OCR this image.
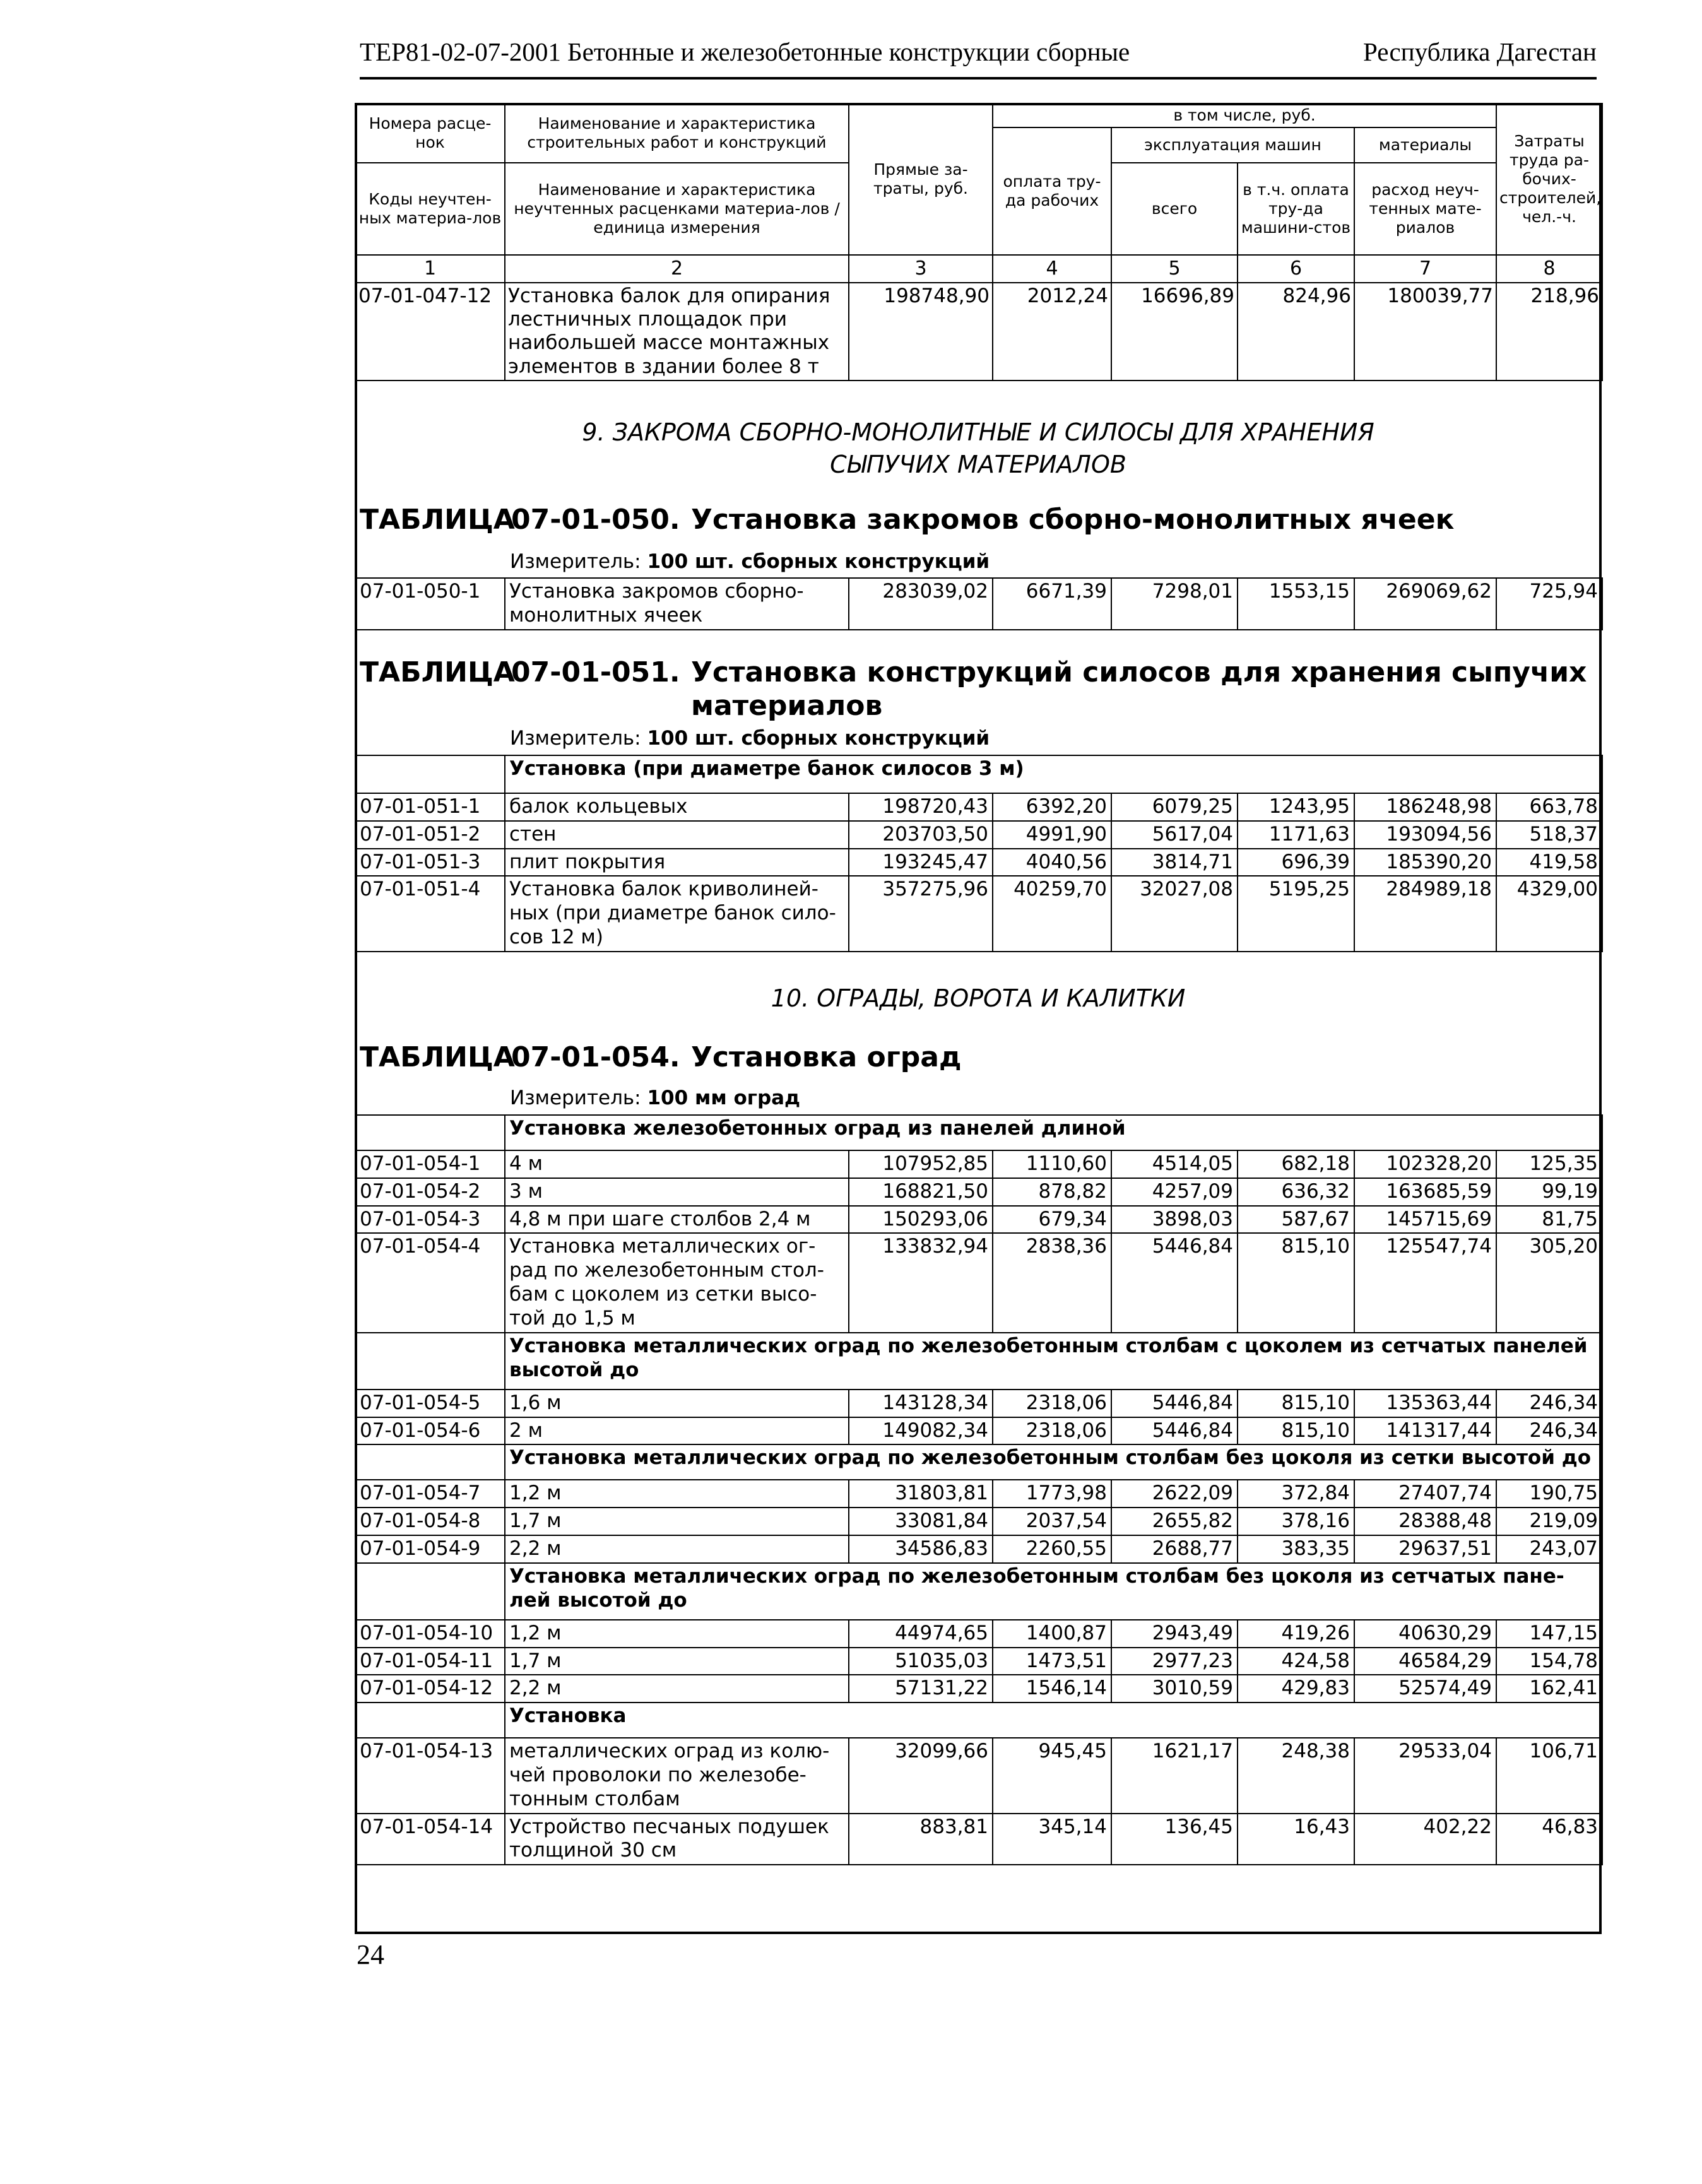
ТЕР81-02-07-2001 Бетонные и железобетонные конструкции сборные	Республика Дагестан
Номера расце-нок	Наименование и характеристика строительных работ и конструкций	Прямые за-траты, руб.	в том числе, руб.				Затраты труда ра-бочих-строителей, чел.-ч.
			оплата тру-да рабочих	эксплуатация машин		материалы	
Коды неучтен-ных материа-лов	Наименование и характеристика неучтенных расценками материа-лов / единица измерения			всего	в т.ч. оплата тру-да машини-стов	расход неуч-тенных мате-риалов	

1	2	3	4	5	6	7	8
07-01-047-12	Установка балок для опирания лестничных площадок при наибольшей массе монтажных элементов в здании более 8 т	198748,90	2012,24	16696,89	824,96	180039,77	218,96
9. ЗАКРОМА СБОРНО-МОНОЛИТНЫЕ И СИЛОСЫ ДЛЯ ХРАНЕНИЯ
СЫПУЧИХ МАТЕРИАЛОВ
ТАБЛИЦА
07-01-050. Установка закромов сборно-монолитных ячеек
Измеритель: 100 шт. сборных конструкций
07-01-050-1	Установка закромов сборно-монолитных ячеек	283039,02	6671,39	7298,01	1553,15	269069,62	725,94
ТАБЛИЦА
07-01-051. Установка конструкций силосов для хранения сыпучих материалов
Измеритель: 100 шт. сборных конструкций
	Установка (при диаметре банок силосов 3 м)						
07-01-051-1	балок кольцевых	198720,43	6392,20	6079,25	1243,95	186248,98	663,78
07-01-051-2	стен	203703,50	4991,90	5617,04	1171,63	193094,56	518,37
07-01-051-3	плит покрытия	193245,47	4040,56	3814,71	696,39	185390,20	419,58
07-01-051-4	Установка балок криволиней-ных (при диаметре банок сило-сов 12 м)	357275,96	40259,70	32027,08	5195,25	284989,18	4329,00
10. ОГРАДЫ, ВОРОТА И КАЛИТКИ
ТАБЛИЦА
07-01-054. Установка оград
Измеритель: 100 мм оград
	Установка железобетонных оград из панелей длиной						
07-01-054-1	4 м	107952,85	1110,60	4514,05	682,18	102328,20	125,35
07-01-054-2	3 м	168821,50	878,82	4257,09	636,32	163685,59	99,19
07-01-054-3	4,8 м при шаге столбов 2,4 м	150293,06	679,34	3898,03	587,67	145715,69	81,75
07-01-054-4	Установка металлических ог-рад по железобетонным стол-бам с цоколем из сетки высо-той до 1,5 м	133832,94	2838,36	5446,84	815,10	125547,74	305,20
	Установка металлических оград по железобетонным столбам с цоколем из сетчатых панелей высотой до						
07-01-054-5	1,6 м	143128,34	2318,06	5446,84	815,10	135363,44	246,34
07-01-054-6	2 м	149082,34	2318,06	5446,84	815,10	141317,44	246,34
	Установка металлических оград по железобетонным столбам без цоколя из сетки высотой до						
07-01-054-7	1,2 м	31803,81	1773,98	2622,09	372,84	27407,74	190,75
07-01-054-8	1,7 м	33081,84	2037,54	2655,82	378,16	28388,48	219,09
07-01-054-9	2,2 м	34586,83	2260,55	2688,77	383,35	29637,51	243,07
	Установка металлических оград по железобетонным столбам без цоколя из сетчатых пане-лей высотой до						
07-01-054-10	1,2 м	44974,65	1400,87	2943,49	419,26	40630,29	147,15
07-01-054-11	1,7 м	51035,03	1473,51	2977,23	424,58	46584,29	154,78
07-01-054-12	2,2 м	57131,22	1546,14	3010,59	429,83	52574,49	162,41
	Установка						
07-01-054-13	металлических оград из колю-чей проволоки по железобе-тонным столбам	32099,66	945,45	1621,17	248,38	29533,04	106,71
07-01-054-14	Устройство песчаных подушек толщиной 30 см	883,81	345,14	136,45	16,43	402,22	46,83
24
